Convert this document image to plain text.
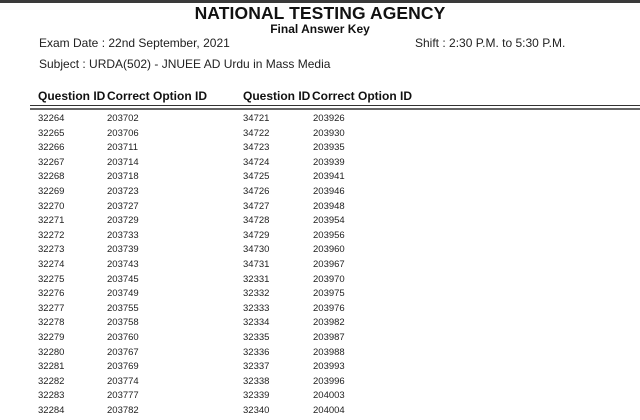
NATIONAL TESTING AGENCY
Final Answer Key
Exam Date : 22nd September, 2021	Shift : 2:30 P.M. to 5:30 P.M.
Subject : URDA(502) - JNUEE AD Urdu in Mass Media
Question ID Correct Option ID	Question ID Correct Option ID
32264	203702	34721	203926
32265	203706	34722	203930
32266	203711	34723	203935
32267	203714	34724	203939
32268	203718	34725	203941
32269	203723	34726	203946
32270	203727	34727	203948
32271	203729	34728	203954
32272	203733	34729	203956
32273	203739	34730	203960
32274	203743	34731	203967
32275	203745	32331	203970
32276	203749	32332	203975
32277	203755	32333	203976
32278	203758	32334	203982
32279	203760	32335	203987
32280	203767	32336	203988
32281	203769	32337	203993
32282	203774	32338	203996
32283	203777	32339	204003
32284	203782	32340	204004
